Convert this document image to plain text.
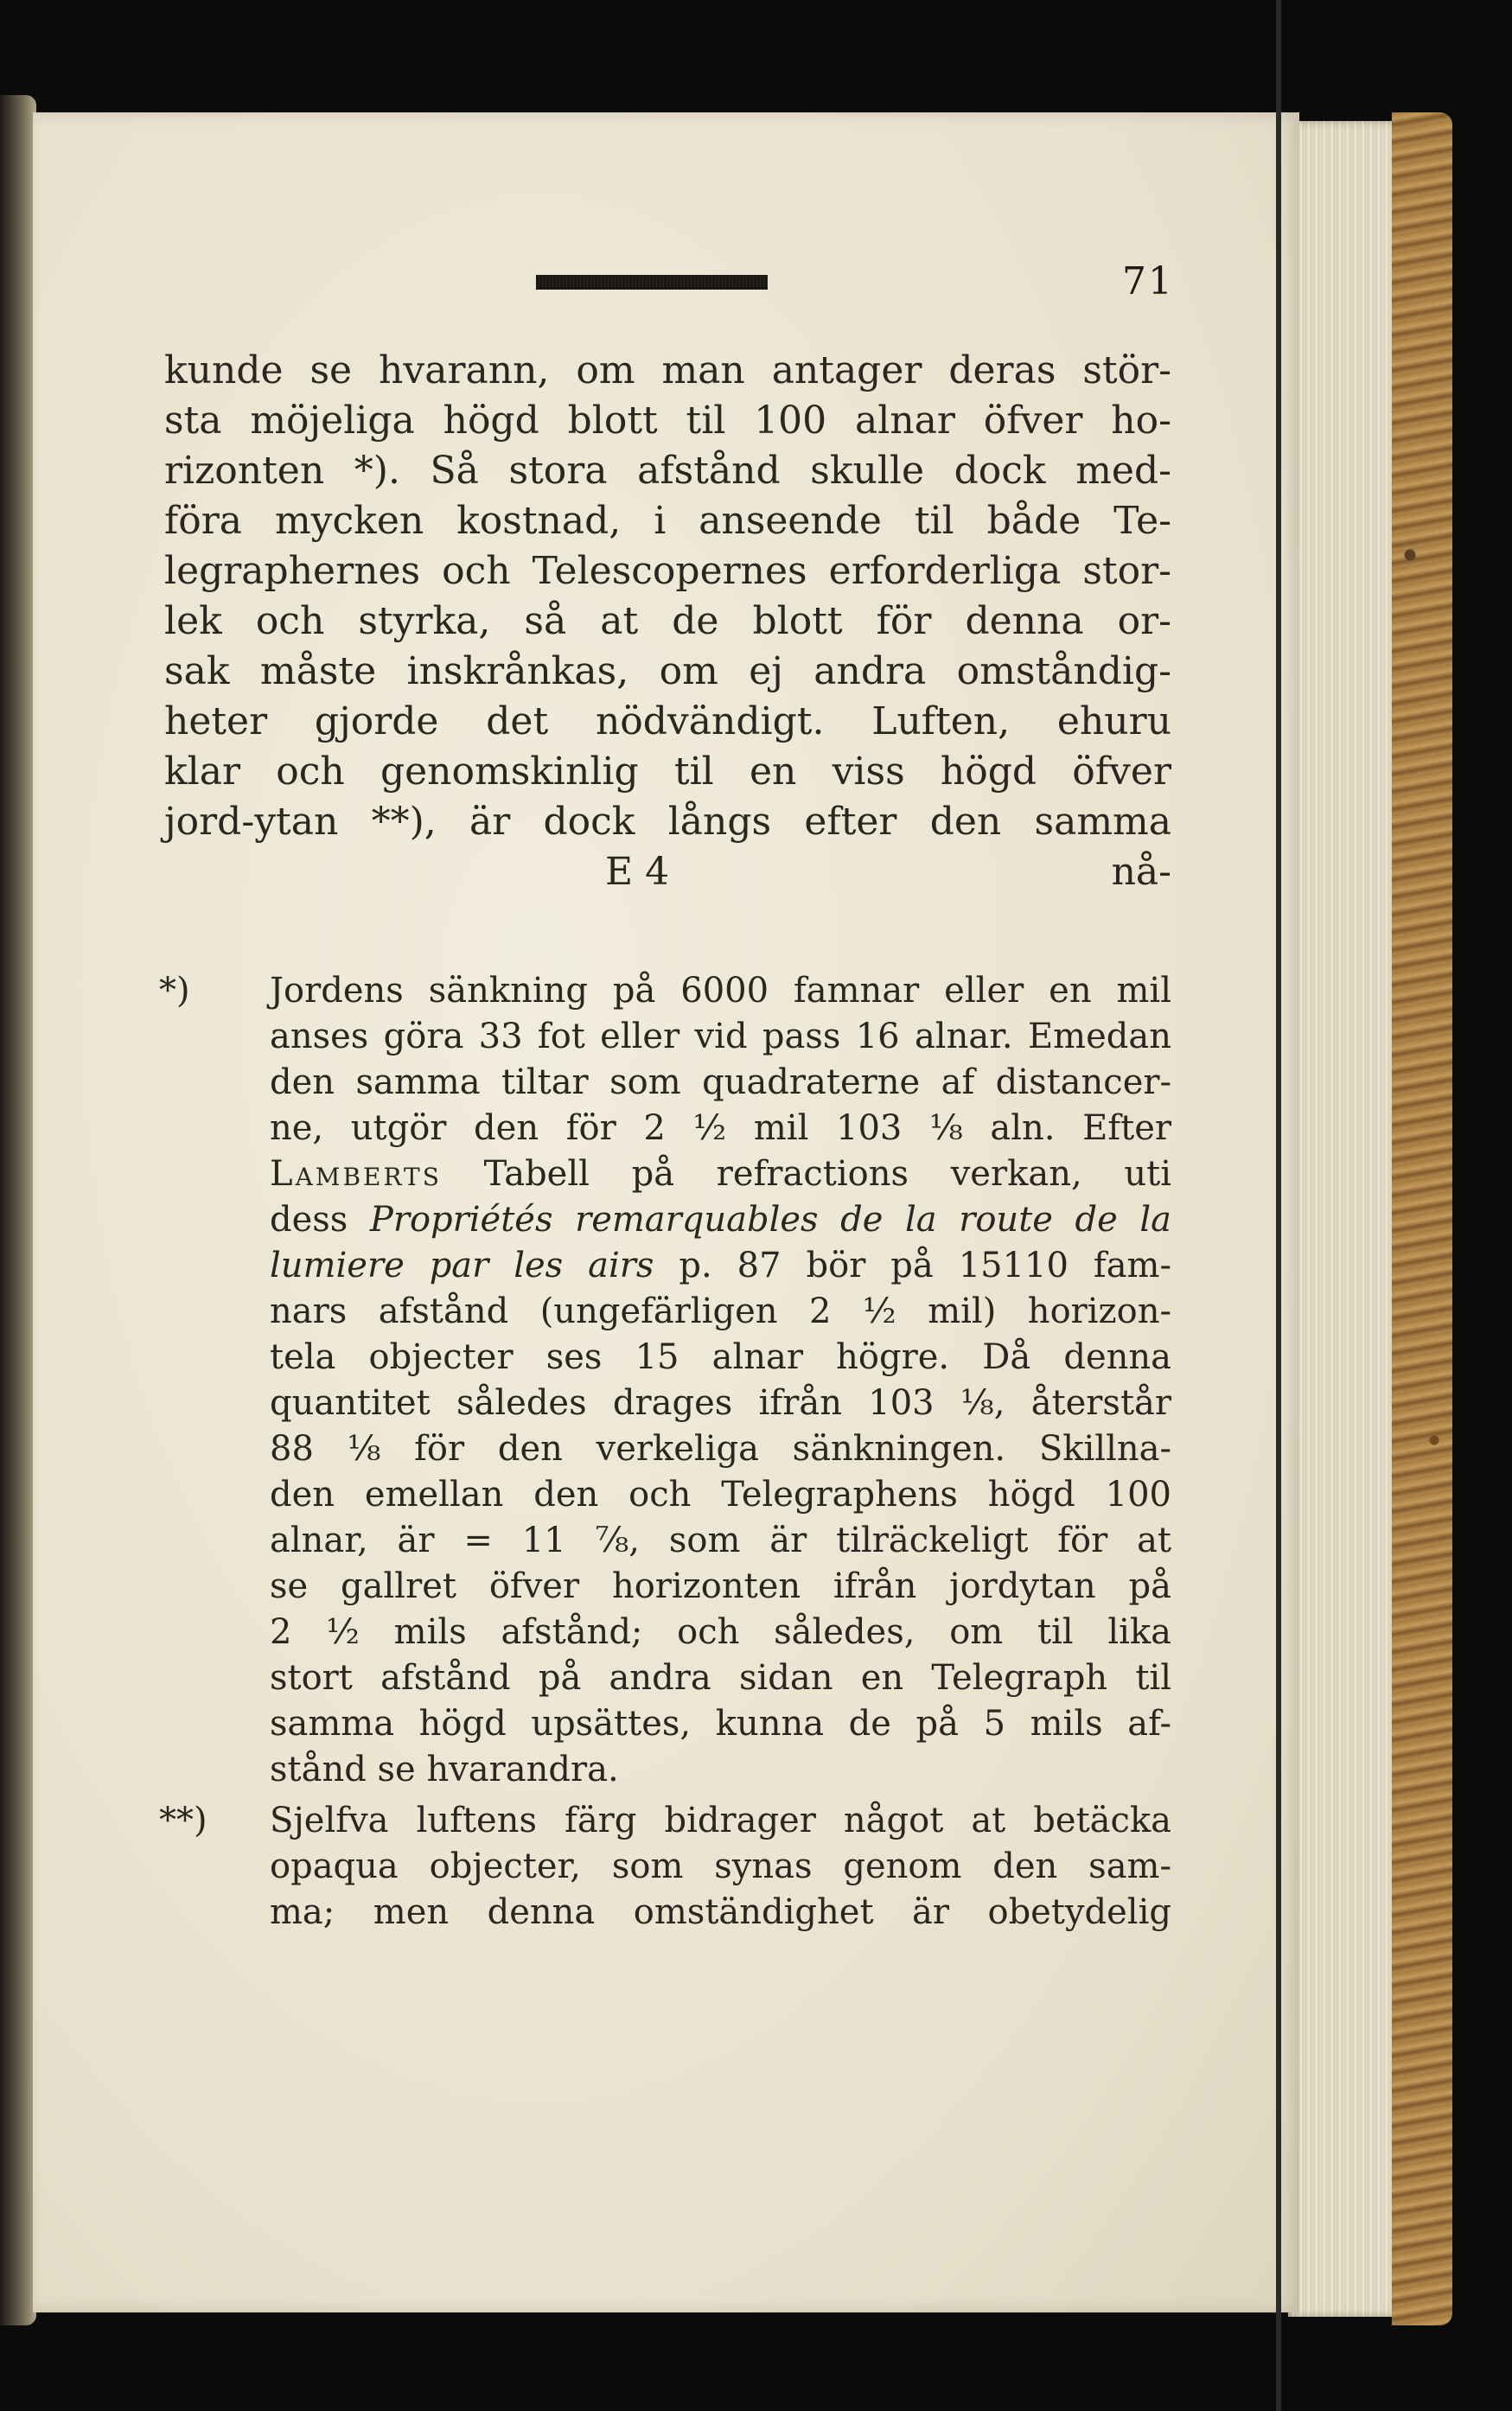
71
kunde se hvarann, om man antager deras stör-
sta möjeliga högd blott til 100 alnar öfver ho-
rizonten *). Så stora afstånd skulle dock med-
föra mycken kostnad, i anseende til både Te-
legraphernes och Telescopernes erforderliga stor-
lek och styrka, så at de blott för denna or-
sak måste inskrånkas, om ej andra omståndig-
heter gjorde det nödvändigt. Luften, ehuru
klar och genomskinlig til en viss högd öfver
jord-ytan **), är dock långs efter den samma
E 4	nå-
*) Jordens sänkning på 6000 famnar eller en mil
anses göra 33 fot eller vid pass 16 alnar. Emedan
den samma tiltar som quadraterne af distancer-
ne, utgör den för 2 ½ mil 103 ⅛ aln. Efter
Lamberts Tabell på refractions verkan, uti
dess Propriétés remarquables de la route de la
lumiere par les airs p. 87 bör på 15110 fam-
nars afstånd (ungefärligen 2 ½ mil) horizon-
tela objecter ses 15 alnar högre. Då denna
quantitet således drages ifrån 103 ⅛, återstår
88 ⅛ för den verkeliga sänkningen. Skillna-
den emellan den och Telegraphens högd 100
alnar, är = 11 ⅞, som är tilräckeligt för at
se gallret öfver horizonten ifrån jordytan på
2 ½ mils afstånd; och således, om til lika
stort afstånd på andra sidan en Telegraph til
samma högd upsättes, kunna de på 5 mils af-
stånd se hvarandra.
**) Sjelfva luftens färg bidrager något at betäcka
opaqua objecter, som synas genom den sam-
ma; men denna omständighet är obetydelig
